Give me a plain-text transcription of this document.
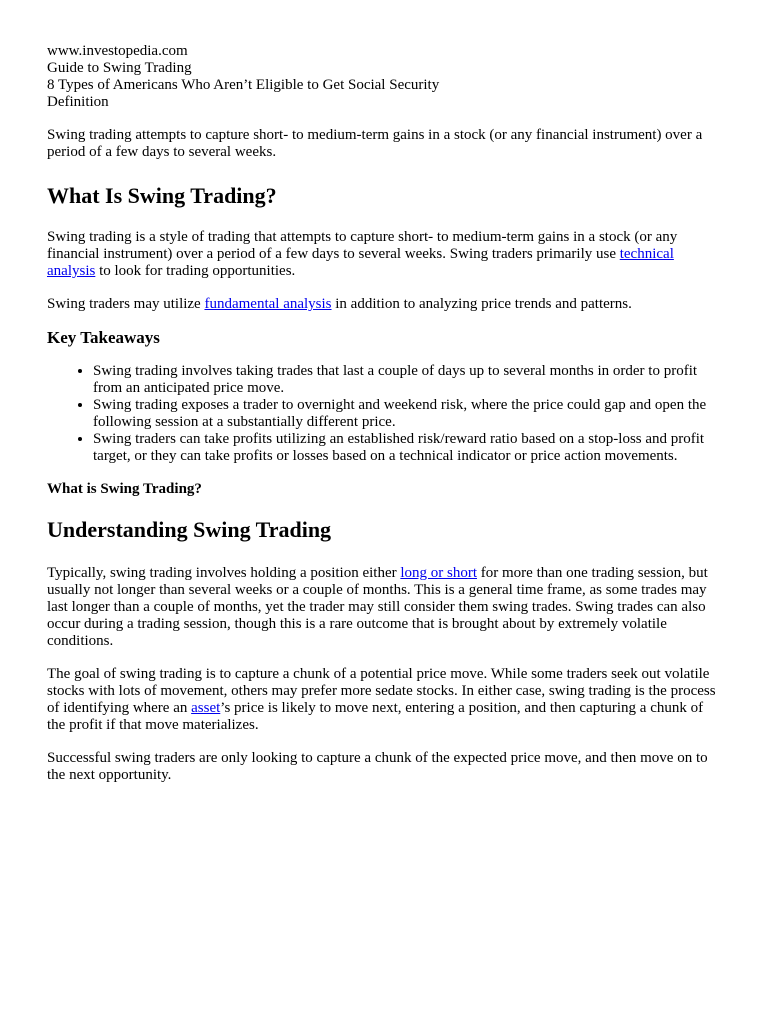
www.investopedia.com

Guide to Swing Trading

8 Types of Americans Who Aren’t Eligible to Get Social Security

Definition

Swing trading attempts to capture short- to medium-term gains in a stock (or any financial instrument) over a period of a few days to several weeks.

What Is Swing Trading?

Swing trading is a style of trading that attempts to capture short- to medium-term gains in a stock (or any financial instrument) over a period of a few days to several weeks. Swing traders primarily use technical analysis to look for trading opportunities.

Swing traders may utilize fundamental analysis in addition to analyzing price trends and patterns.

Key Takeaways
• Swing trading involves taking trades that last a couple of days up to several months in order to profit from an anticipated price move.
• Swing trading exposes a trader to overnight and weekend risk, where the price could gap and open the following session at a substantially different price.
• Swing traders can take profits utilizing an established risk/reward ratio based on a stop-loss and profit target, or they can take profits or losses based on a technical indicator or price action movements.
What is Swing Trading?
Understanding Swing Trading

Typically, swing trading involves holding a position either long or short for more than one trading session, but usually not longer than several weeks or a couple of months. This is a general time frame, as some trades may last longer than a couple of months, yet the trader may still consider them swing trades. Swing trades can also occur during a trading session, though this is a rare outcome that is brought about by extremely volatile conditions.

The goal of swing trading is to capture a chunk of a potential price move. While some traders seek out volatile stocks with lots of movement, others may prefer more sedate stocks. In either case, swing trading is the process of identifying where an asset’s price is likely to move next, entering a position, and then capturing a chunk of the profit if that move materializes.

Successful swing traders are only looking to capture a chunk of the expected price move, and then move on to the next opportunity.
